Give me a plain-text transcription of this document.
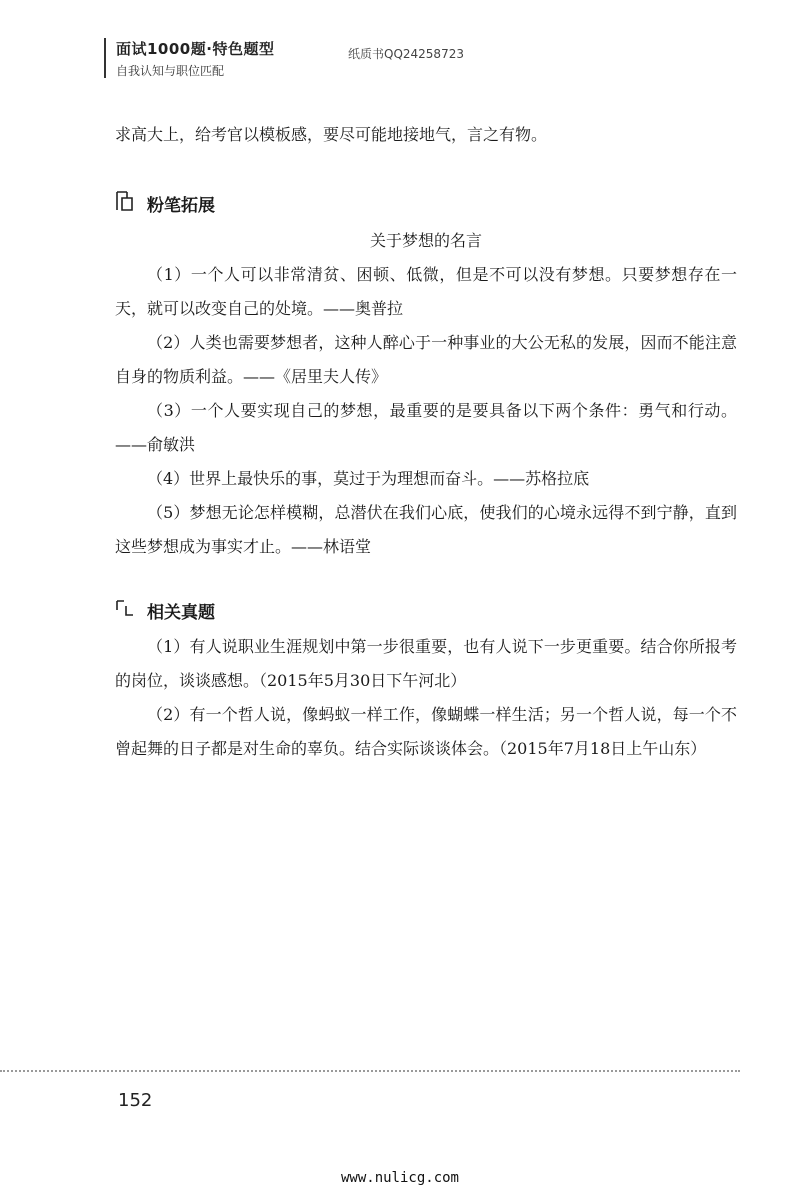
面试1000题·特色题型
自我认知与职位匹配
纸质书QQ24258723
求高大上，给考官以模板感，要尽可能地接地气，言之有物。
粉笔拓展
关于梦想的名言
（1）一个人可以非常清贫、困顿、低微，但是不可以没有梦想。只要梦想存在一天，就可以改变自己的处境。——奥普拉
（2）人类也需要梦想者，这种人醉心于一种事业的大公无私的发展，因而不能注意自身的物质利益。——《居里夫人传》
（3）一个人要实现自己的梦想，最重要的是要具备以下两个条件：勇气和行动。——俞敏洪
（4）世界上最快乐的事，莫过于为理想而奋斗。——苏格拉底
（5）梦想无论怎样模糊，总潜伏在我们心底，使我们的心境永远得不到宁静，直到这些梦想成为事实才止。——林语堂
相关真题
（1）有人说职业生涯规划中第一步很重要，也有人说下一步更重要。结合你所报考的岗位，谈谈感想。（2015年5月30日下午河北）
（2）有一个哲人说，像蚂蚁一样工作，像蝴蝶一样生活；另一个哲人说，每一个不曾起舞的日子都是对生命的辜负。结合实际谈谈体会。（2015年7月18日上午山东）
152
www.nulicg.com
